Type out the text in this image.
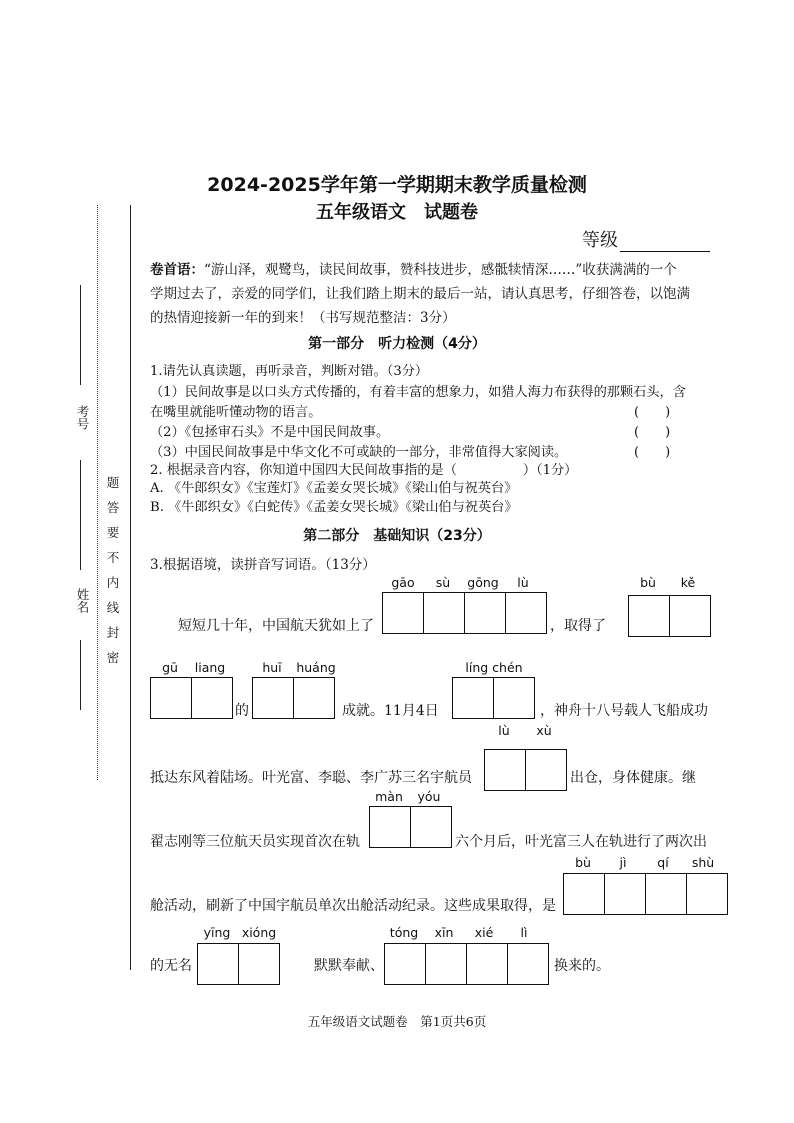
考号
姓名
题
答
要
不
内
线
封
密
2024-2025学年第一学期期末教学质量检测
五年级语文　试题卷
等级
卷首语：“游山泽，观鹭鸟，读民间故事，赞科技进步，感骶犊情深……”收获满满的一个
学期过去了，亲爱的同学们，让我们踏上期末的最后一站，请认真思考，仔细答卷，以饱满
的热情迎接新一年的到来！（书写规范整洁：3分）
第一部分　听力检测（4分）
1.请先认真读题，再听录音，判断对错。（3分）
（1）民间故事是以口头方式传播的，有着丰富的想象力，如猎人海力布获得的那颗石头，含
在嘴里就能听懂动物的语言。	(　　)
（2）《包拯审石头》不是中国民间故事。	(　　)
（3）中国民间故事是中华文化不可或缺的一部分，非常值得大家阅读。	(　　)
2. 根据录音内容，你知道中国四大民间故事指的是（　　　　　）（1分）
A. 《牛郎织女》《宝莲灯》《孟姜女哭长城》《梁山伯与祝英台》
B. 《牛郎织女》《白蛇传》《孟姜女哭长城》《梁山伯与祝英台》
第二部分　基础知识（23分）
3.根据语境，读拼音写词语。（13分）
gāo	sù	gōng	lù	bù	kě
短短几十年，中国航天犹如上了	，取得了
gū	liang	huī	huáng	líng chén
的	成就。11月4日	，神舟十八号载人飞船成功
lù	xù
抵达东风着陆场。叶光富、李聪、李广苏三名宇航员	出仓，身体健康。继
màn	yóu
翟志刚等三位航天员实现首次在轨	六个月后，叶光富三人在轨进行了两次出
bù	jì	qí	shù
舱活动，刷新了中国宇航员单次出舱活动纪录。这些成果取得，是
yīng xióng	tóng	xīn	xié	lì
的无名	默默奉献、	换来的。
五年级语文试题卷　第1页共6页
